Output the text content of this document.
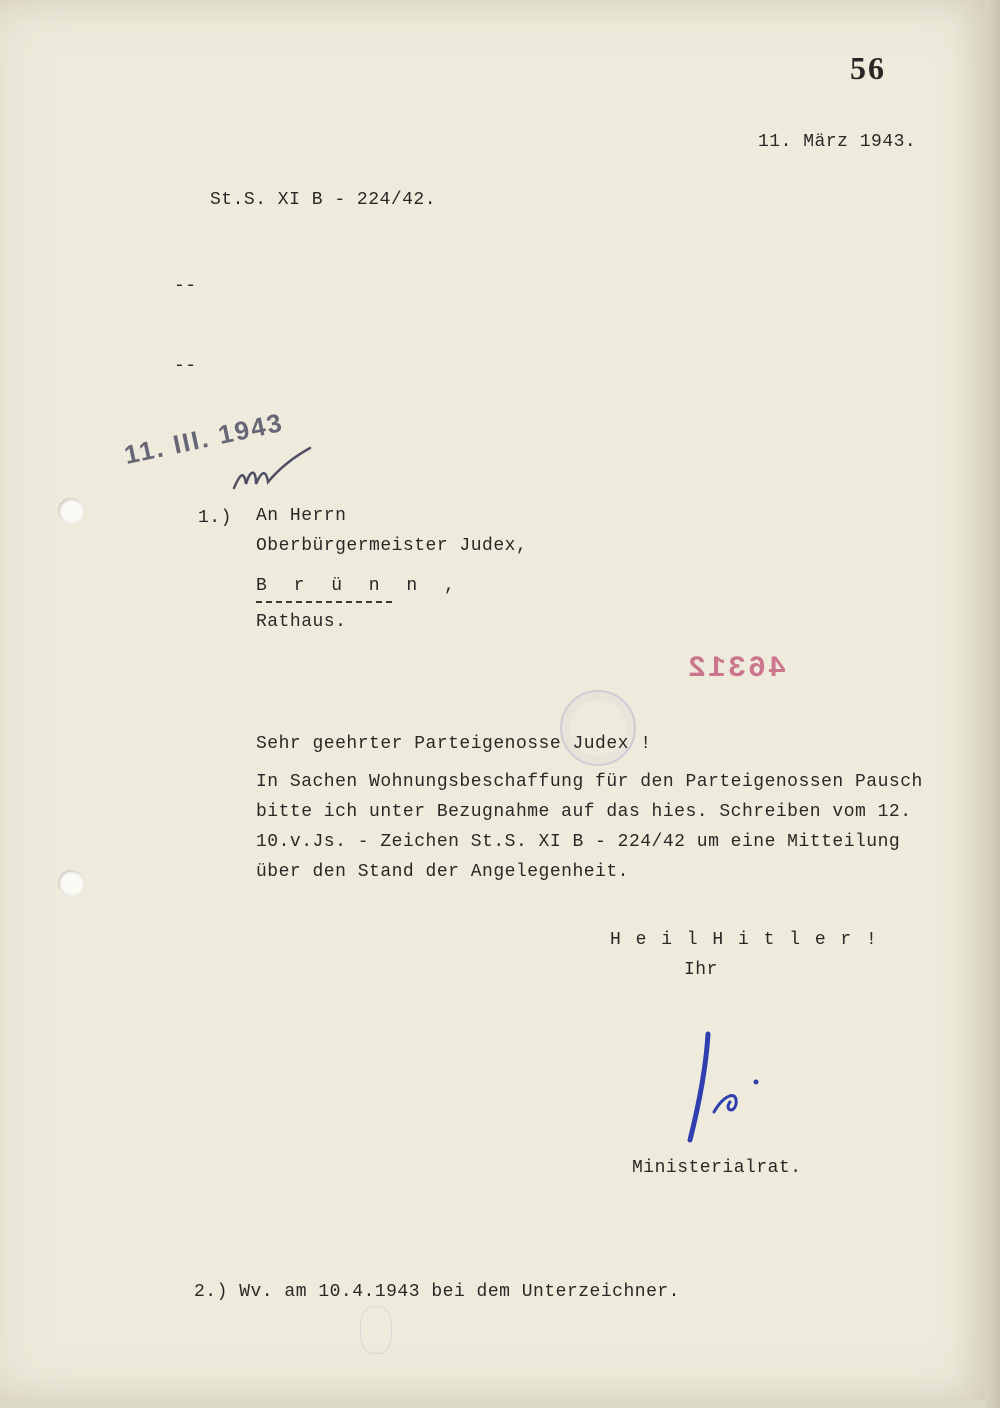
56
11. März 1943.
St.S. XI B - 224/42.
--
--
11. III. 1943
1.) An Herrn
Oberbürgermeister Judex,
B r ü n n ,
Rathaus.
46312
Sehr geehrter Parteigenosse Judex !
In Sachen Wohnungsbeschaffung für den Parteigenossen Pausch
bitte ich unter Bezugnahme auf das hies. Schreiben vom 12.
10.v.Js. - Zeichen St.S. XI B - 224/42 um eine Mitteilung
über den Stand der Angelegenheit.
H e i l H i t l e r !
Ihr
Ministerialrat.
2.) Wv. am 10.4.1943 bei dem Unterzeichner.
